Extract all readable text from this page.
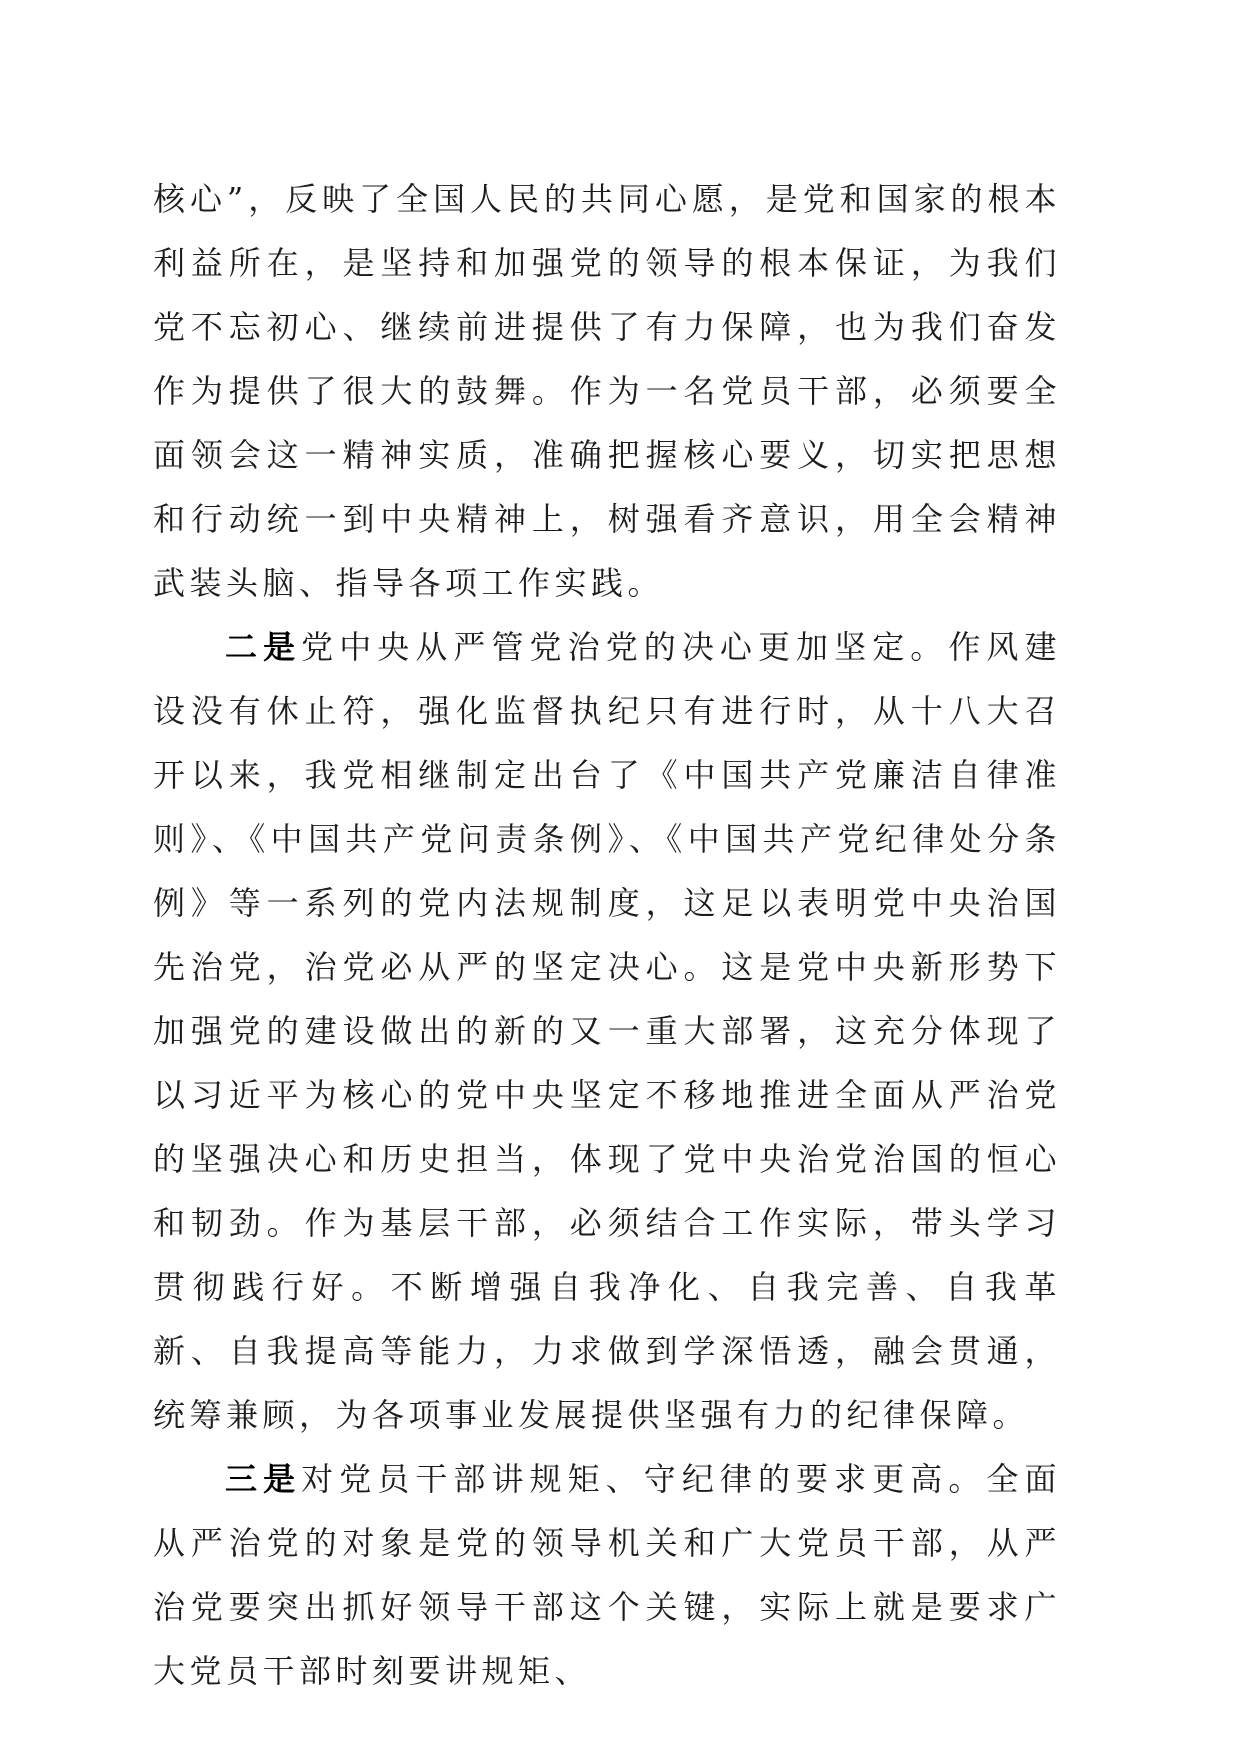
核心”，反映了全国人民的共同心愿，是党和国家的根本利益所在，是坚持和加强党的领导的根本保证，为我们党不忘初心、继续前进提供了有力保障，也为我们奋发作为提供了很大的鼓舞。作为一名党员干部，必须要全面领会这一精神实质，准确把握核心要义，切实把思想和行动统一到中央精神上，树强看齐意识，用全会精神武装头脑、指导各项工作实践。

二是党中央从严管党治党的决心更加坚定。作风建设没有休止符，强化监督执纪只有进行时，从十八大召开以来，我党相继制定出台了《中国共产党廉洁自律准则》、《中国共产党问责条例》、《中国共产党纪律处分条例》等一系列的党内法规制度，这足以表明党中央治国先治党，治党必从严的坚定决心。这是党中央新形势下加强党的建设做出的新的又一重大部署，这充分体现了以习近平为核心的党中央坚定不移地推进全面从严治党的坚强决心和历史担当，体现了党中央治党治国的恒心和韧劲。作为基层干部，必须结合工作实际，带头学习贯彻践行好。不断增强自我净化、自我完善、自我革新、自我提高等能力，力求做到学深悟透，融会贯通，统筹兼顾，为各项事业发展提供坚强有力的纪律保障。

三是对党员干部讲规矩、守纪律的要求更高。全面从严治党的对象是党的领导机关和广大党员干部，从严治党要突出抓好领导干部这个关键，实际上就是要求广大党员干部时刻要讲规矩、
